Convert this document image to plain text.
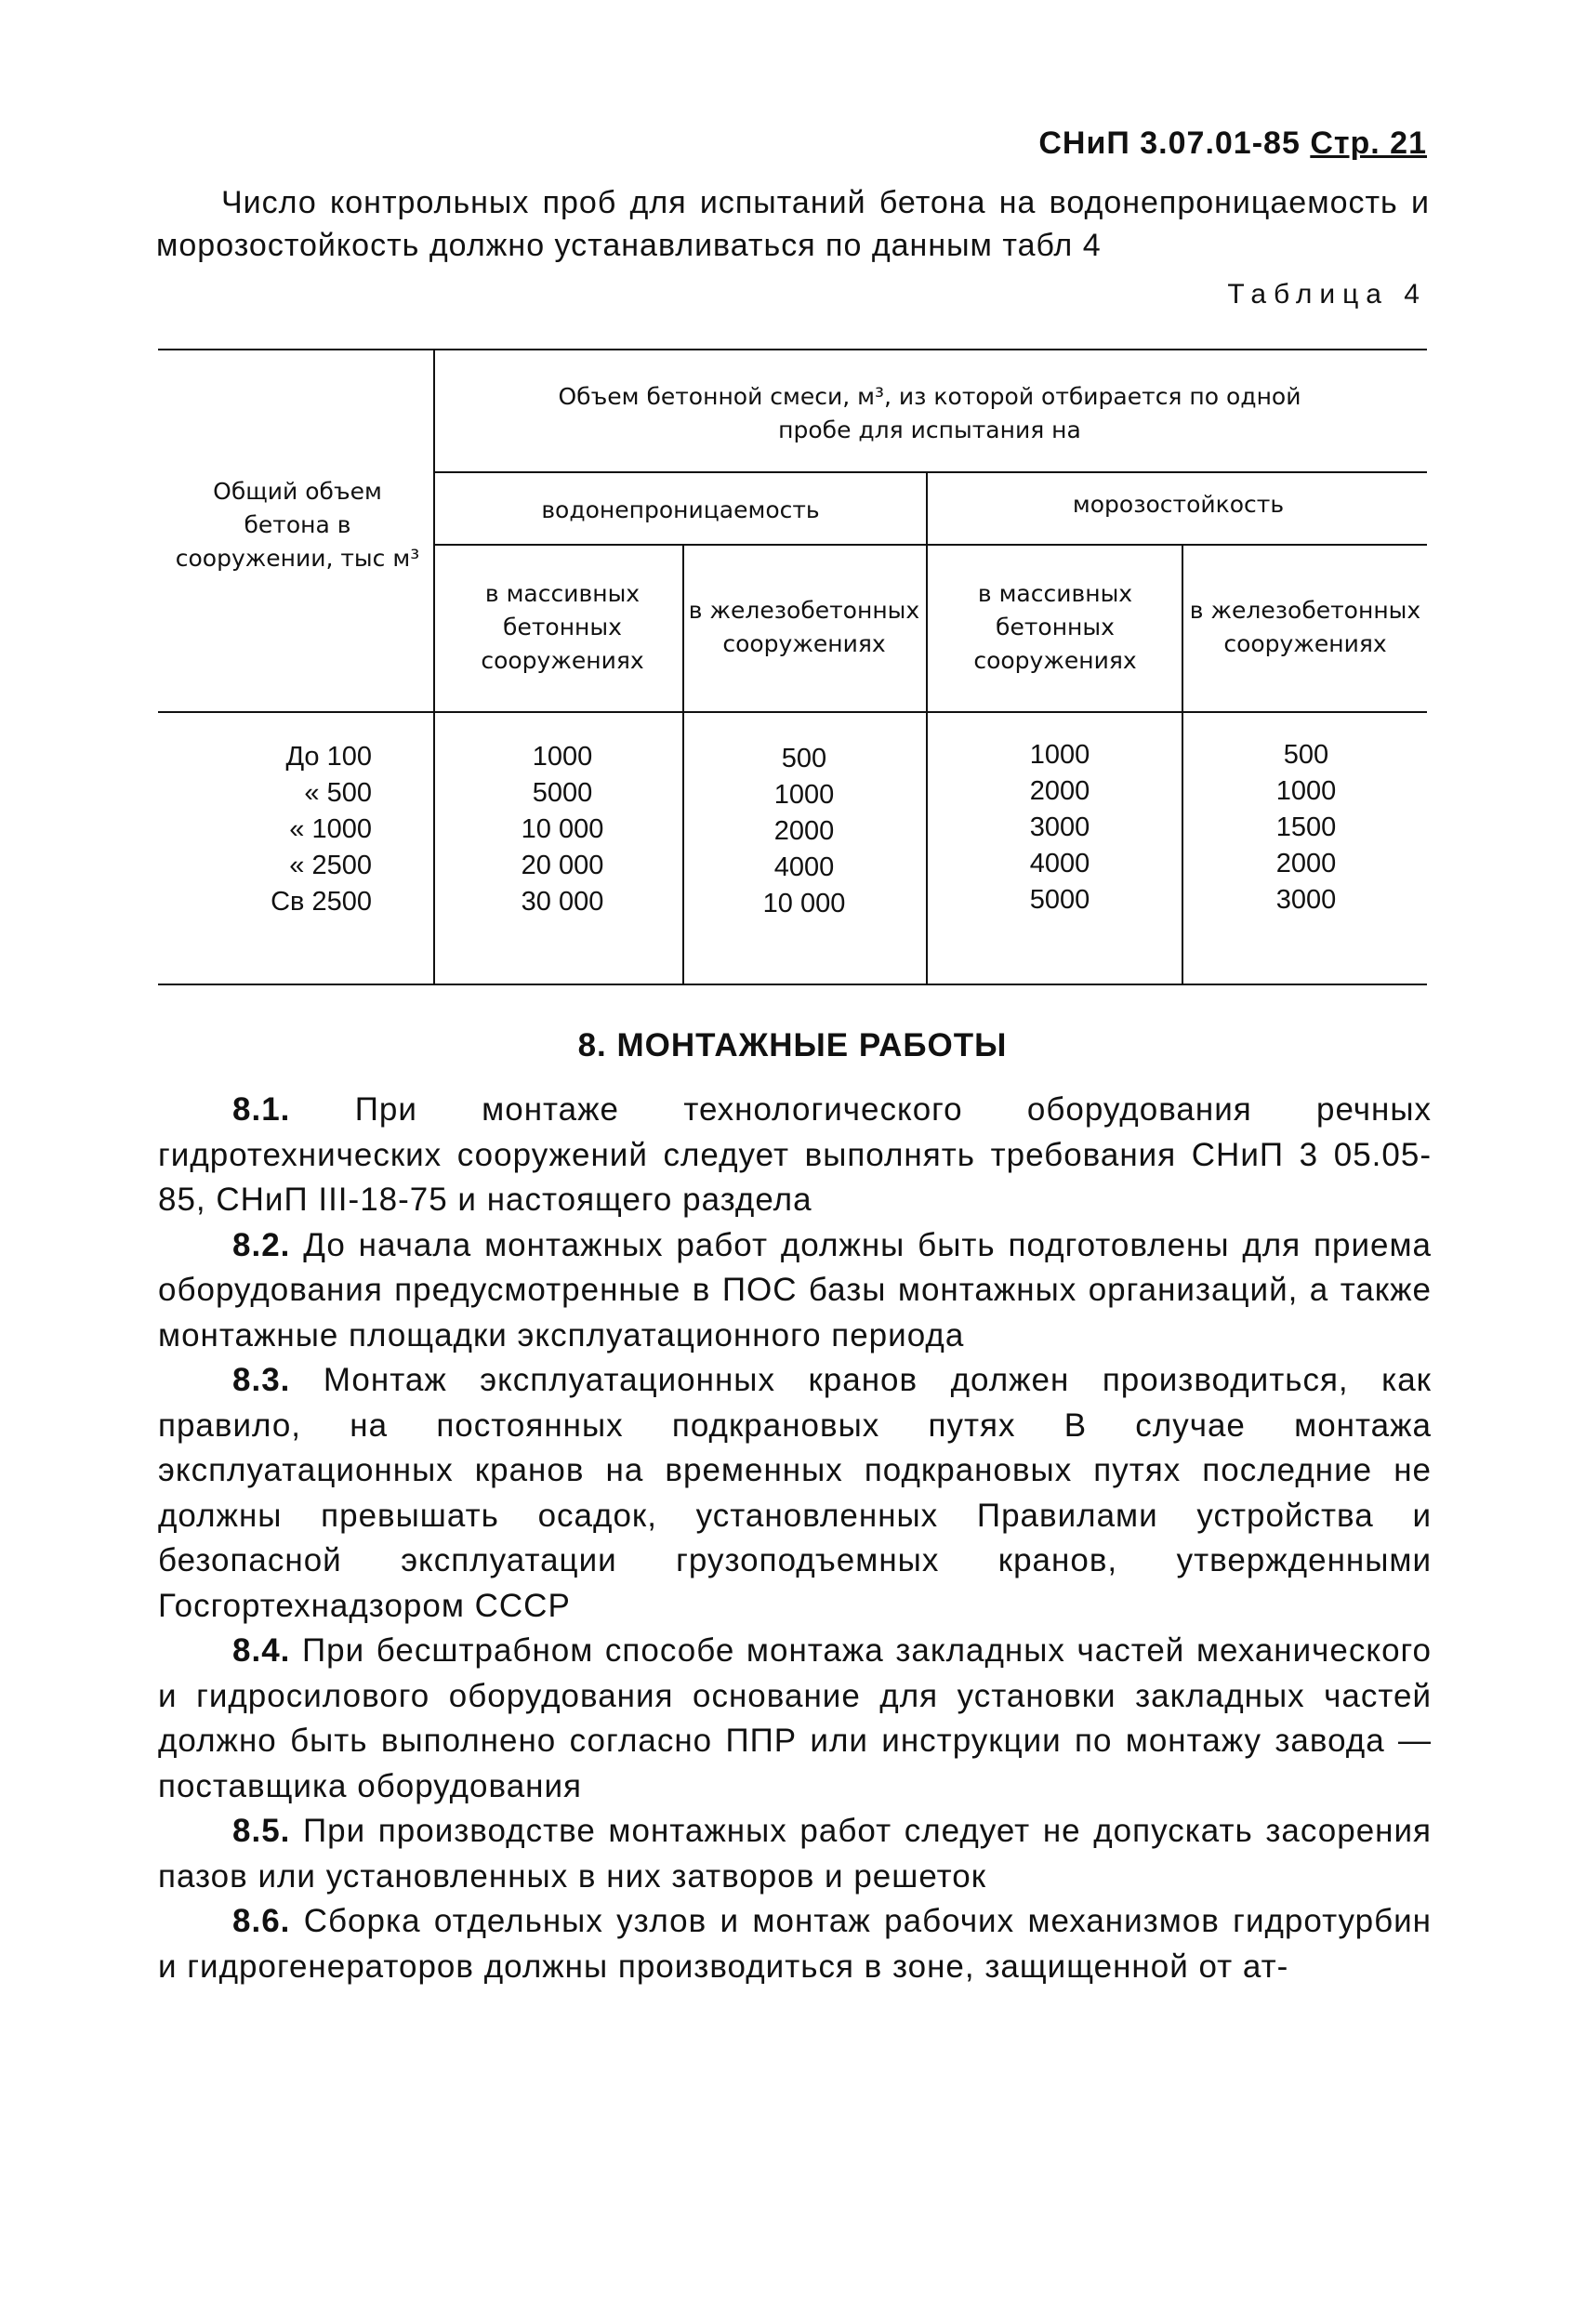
СНиП 3.07.01-85 Стр. 21

Число контрольных проб для испытаний бетона на водонепроницаемость и морозостойкость должно устанавливаться по данным табл 4

Таблица 4
Общий объем бетона в сооружении, тыс м³
Объем бетонной смеси, м³, из которой отбирается по одной пробе для испытания на
водонепроницаемость	морозостойкость
в массивных бетонных сооружениях
в железобетонных сооружениях
в массивных бетонных сооружениях
в железобетонных сооружениях
До 100
« 500
« 1000
« 2500
Св 2500
1000
5000
10 000
20 000
30 000
500
1000
2000
4000
10 000
1000
2000
3000
4000
5000
500
1000
1500
2000
3000
8. МОНТАЖНЫЕ РАБОТЫ

8.1. При монтаже технологического оборудования речных гидротехнических сооружений следует выполнять требования СНиП 3 05.05-85, СНиП III-18-75 и настоящего раздела

8.2. До начала монтажных работ должны быть подготовлены для приема оборудования предусмотренные в ПОС базы монтажных организаций, а также монтажные площадки эксплуатационного периода

8.3. Монтаж эксплуатационных кранов должен производиться, как правило, на постоянных подкрановых путях В случае монтажа эксплуатационных кранов на временных подкрановых путях последние не должны превышать осадок, установленных Правилами устройства и безопасной эксплуатации грузоподъемных кранов, утвержденными Госгортехнадзором СССР

8.4. При бесштрабном способе монтажа закладных частей механического и гидросилового оборудования основание для установки закладных частей должно быть выполнено согласно ППР или инструкции по монтажу завода — поставщика оборудования

8.5. При производстве монтажных работ следует не допускать засорения пазов или установленных в них затворов и решеток

8.6. Сборка отдельных узлов и монтаж рабочих механизмов гидротурбин и гидрогенераторов должны производиться в зоне, защищенной от ат-
